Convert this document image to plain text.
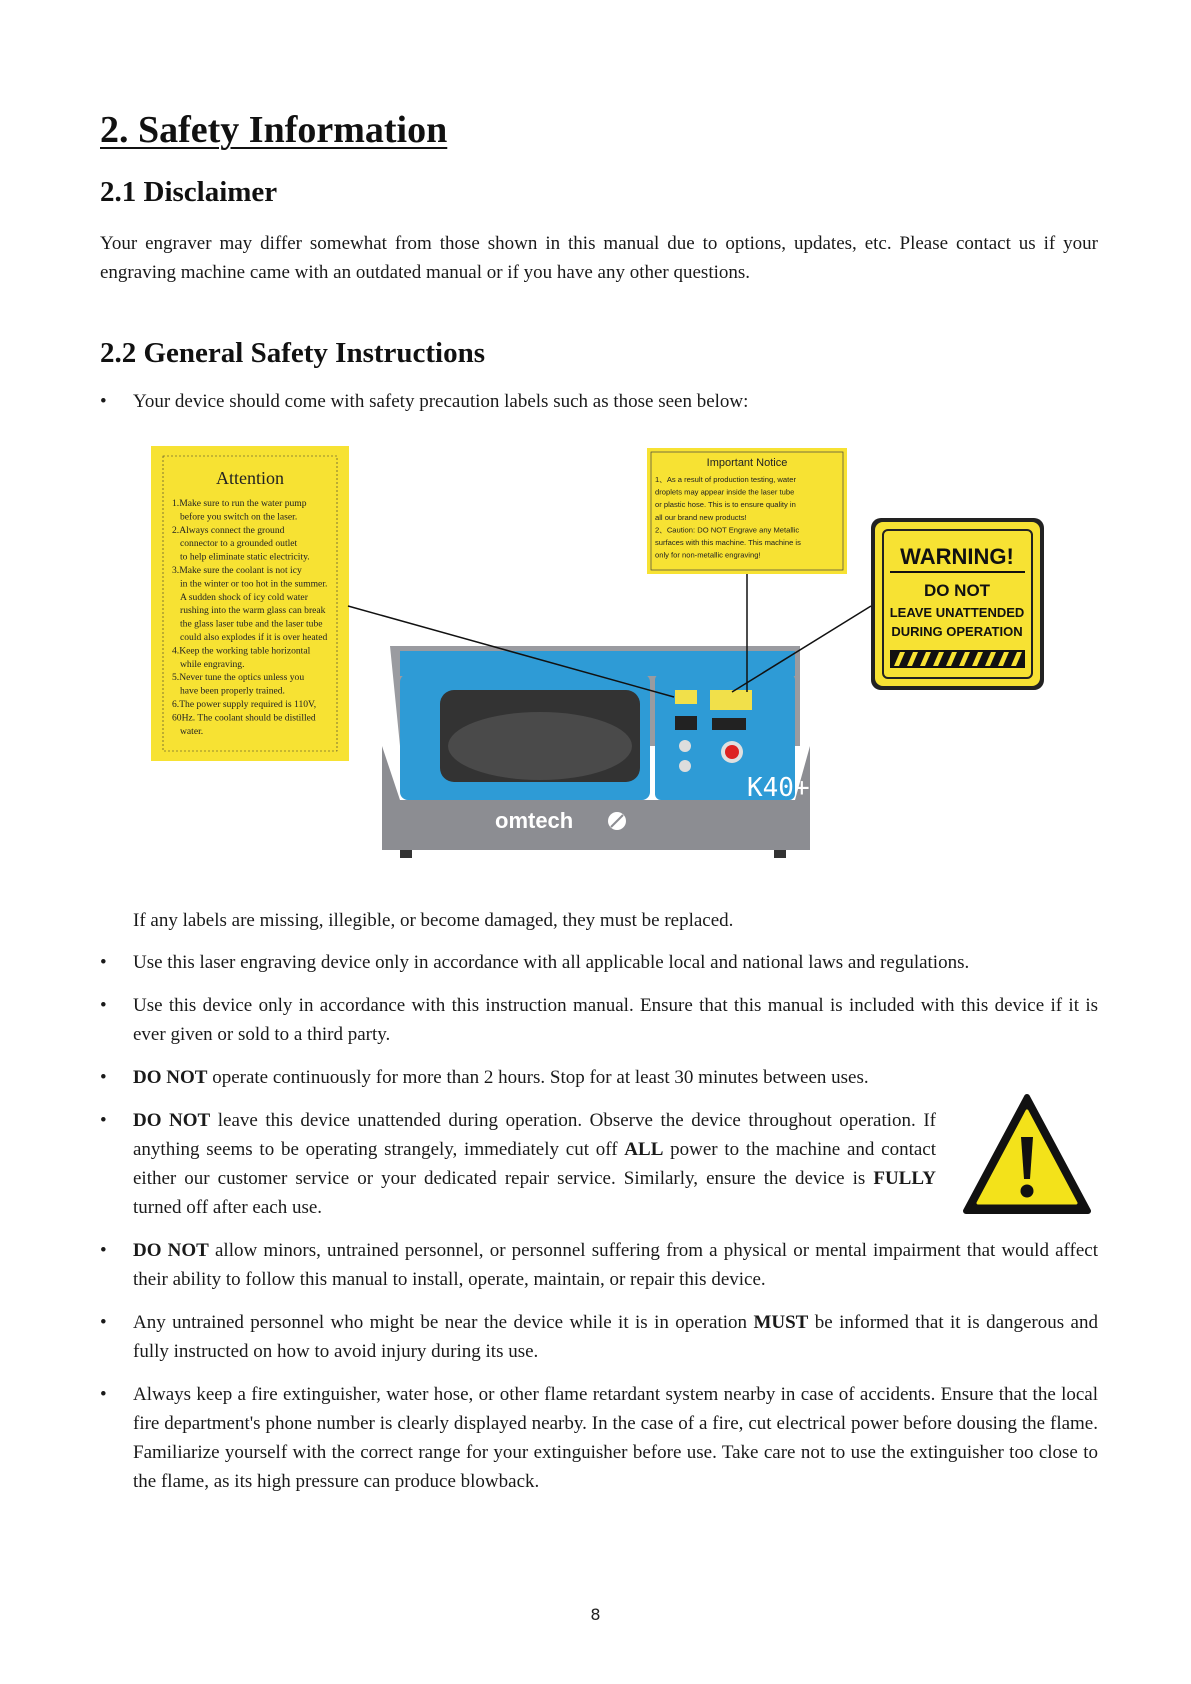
2. Safety Information
2.1 Disclaimer

Your engraver may differ somewhat from those shown in this manual due to options, updates, etc. Please contact us if your engraving machine came with an outdated manual or if you have any other questions.

2.2 General Safety Instructions
•	Your device should come with safety precaution labels such as those seen below:
Attention
1.Make sure to run the water pump
before you switch on the laser.
2.Always connect the ground
connector to a grounded outlet
to help eliminate static electricity.
3.Make sure the coolant is not icy
in the winter or too hot in the summer.
A sudden shock of icy cold water
rushing into the warm glass can break
the glass laser tube and the laser tube
could also explodes if it is over heated
4.Keep the working table horizontal
while engraving.
5.Never tune the optics unless you
have been properly trained.
6.The power supply required is 110V,
60Hz. The coolant should be distilled
water.
Important Notice
1、As a result of production testing, water
droplets may appear inside the laser tube
or plastic hose. This is to ensure quality in
all our brand new products!
2、Caution: DO NOT Engrave any Metallic
surfaces with this machine. This machine is
only for non-metallic engraving!	WARNING!
DO NOT
LEAVE UNATTENDED
DURING OPERATION
omtech
K40+

If any labels are missing, illegible, or become damaged, they must be replaced.

•	Use this laser engraving device only in accordance with all applicable local and national laws and regulations.
•	Use this device only in accordance with this instruction manual. Ensure that this manual is included with this device if it is ever given or sold to a third party.
•	DO NOT operate continuously for more than 2 hours. Stop for at least 30 minutes between uses.
•	DO NOT leave this device unattended during operation. Observe the device throughout operation. If anything seems to be operating strangely, immediately cut off ALL power to the machine and contact either our customer service or your dedicated repair service. Similarly, ensure the device is FULLY turned off after each use.
•	DO NOT allow minors, untrained personnel, or personnel suffering from a physical or mental impairment that would affect their ability to follow this manual to install, operate, maintain, or repair this device.
•	Any untrained personnel who might be near the device while it is in operation MUST be informed that it is dangerous and fully instructed on how to avoid injury during its use.
•	Always keep a fire extinguisher, water hose, or other flame retardant system nearby in case of accidents. Ensure that the local fire department's phone number is clearly displayed nearby. In the case of a fire, cut electrical power before dousing the flame. Familiarize yourself with the correct range for your extinguisher before use. Take care not to use the extinguisher too close to the flame, as its high pressure can produce blowback.
8
